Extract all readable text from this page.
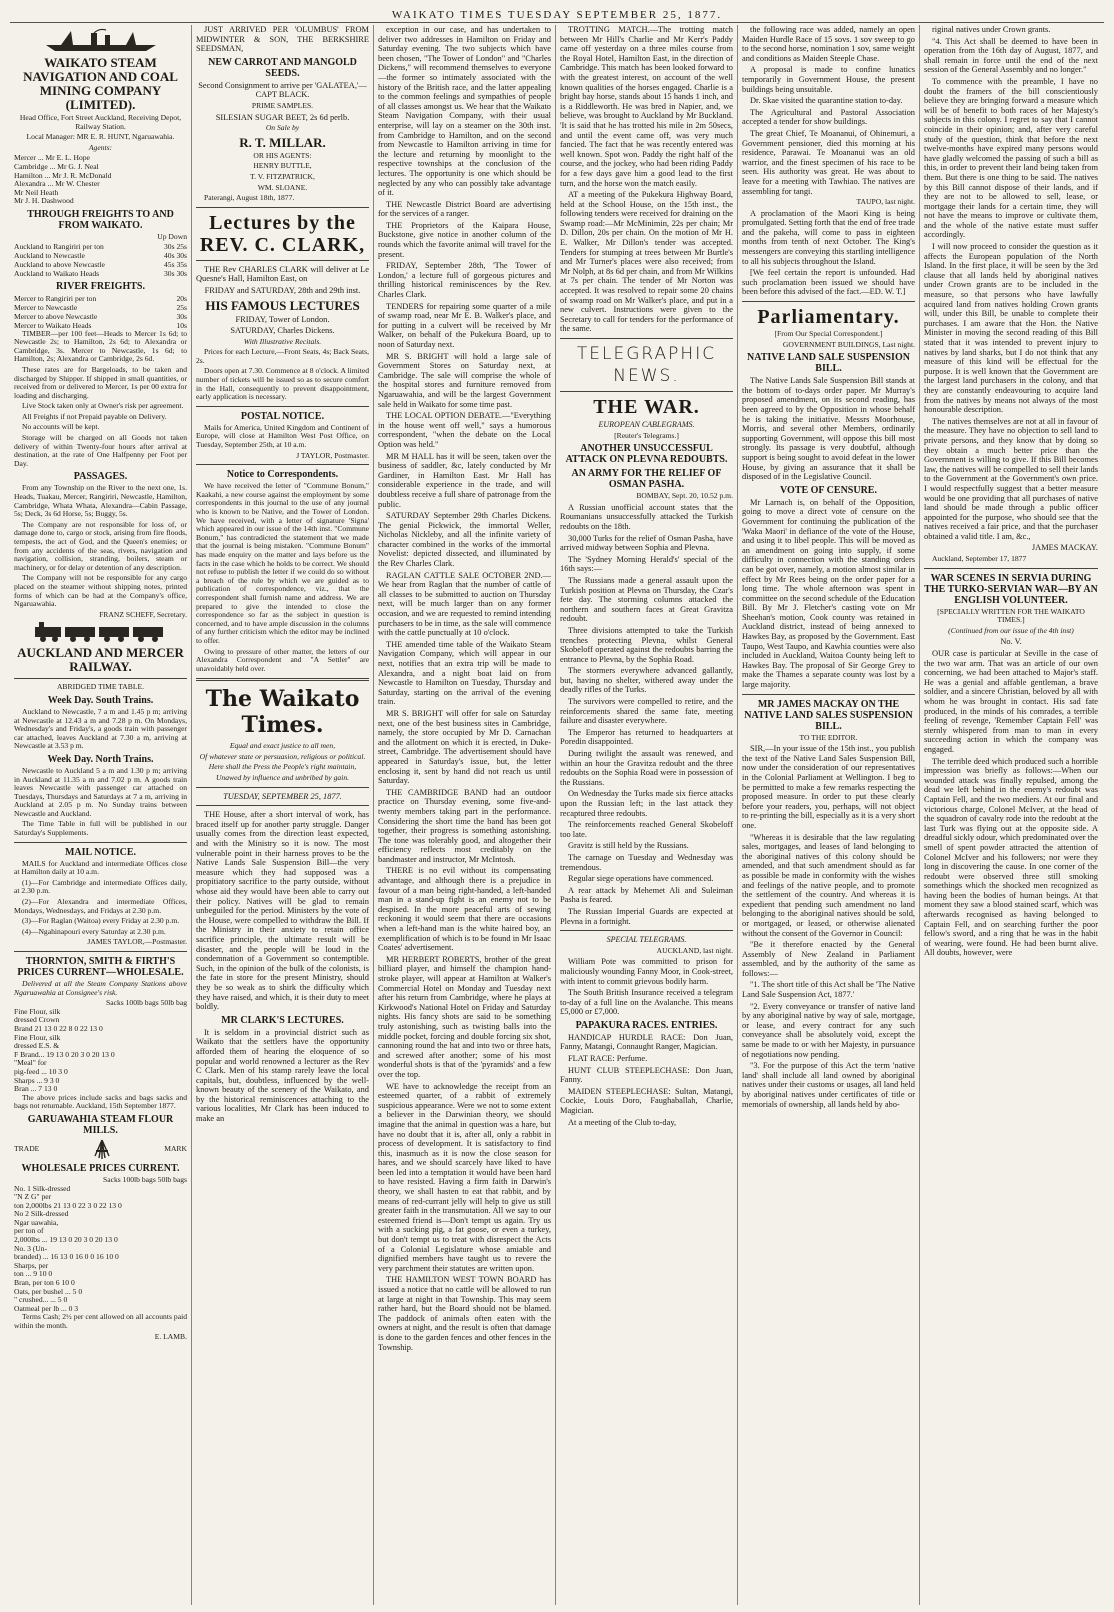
WAIKATO TIMES TUESDAY SEPTEMBER 25, 1877.
WAIKATO STEAM NAVIGATION AND COAL MINING COMPANY (LIMITED).

Head Office, Fort Street Auckland, Receiving Depot, Railway Station.

Local Manager: MR E. R. HUNT, Ngaruawahia.

Agents:

Mercer ... Mr E. L. Hope
Cambridge ... Mr G. J. Neal
Hamilton ... Mr J. R. McDonald
Alexandra ... Mr W. Chester
Mr Neil Heath
Mr J. H. Dashwood
THROUGH FREIGHTS TO AND FROM WAIKATO.
Up Down
Auckland to Rangiriri per ton	30s 25s
Auckland to Newcastle	40s 30s
Auckland to above Newcastle	45s 35s
Auckland to Waikato Heads	30s 30s
RIVER FREIGHTS.
Mercer to Rangiriri per ton	20s
Mercer to Newcastle	25s
Mercer to above Newcastle	30s
Mercer to Waikato Heads	10s

TIMBER—per 100 feet—Heads to Mercer 1s 6d; to Newcastle 2s; to Hamilton, 2s 6d; to Alexandra or Cambridge, 3s. Mercer to Newcastle, 1s 6d; to Hamilton, 2s; Alexandra or Cambridge, 2s 6d.

These rates are for Bargeloads, to be taken and discharged by Shipper. If shipped in small quantities, or received from or delivered to Mercer, 1s per 00 extra for loading and discharging.

Live Stock taken only at Owner's risk per agreement.

All Freights if not Prepaid payable on Delivery.

No accounts will be kept.

Storage will be charged on all Goods not taken delivery of within Twenty-four hours after arrival at destination, at the rate of One Halfpenny per Foot per Day.

PASSAGES.

From any Township on the River to the next one, 1s. Heads, Tuakau, Mercer, Rangiriri, Newcastle, Hamilton, Cambridge, Whata Whata, Alexandra—Cabin Passage, 5s; Deck, 3s 6d Horse, 5s; Buggy, 5s.

The Company are not responsible for loss of, or damage done to, cargo or stock, arising from fire floods, tempests, the act of God, and the Queen's enemies; or from any accidents of the seas, rivers, navigation and navigation, collision, stranding, boilers, steam or machinery, or for delay or detention of any description.

The Company will not be responsible for any cargo placed on the steamer without shipping notes, printed forms of which can be had at the Company's office, Ngaruawahia.

FRANZ SCHEFF, Secretary.

AUCKLAND AND MERCER RAILWAY.
ABRIDGED TIME TABLE.
Week Day. South Trains.

Auckland to Newcastle, 7 a m and 1.45 p m; arriving at Newcastle at 12.43 a m and 7.28 p m. On Mondays, Wednesday's and Friday's, a goods train with passenger car attached, leaves Auckland at 7.30 a m, arriving at Newcastle at 3.53 p m.

Week Day. North Trains.

Newcastle to Auckland 5 a m and 1.30 p m; arriving in Auckland at 11.35 a m and 7.02 p m. A goods train leaves Newcastle with passenger car attached on Tuesdays, Thursdays and Saturdays at 7 a m, arriving in Auckland at 2.05 p m. No Sunday trains between Newcastle and Auckland.

The Time Table in full will be published in our Saturday's Supplements.

MAIL NOTICE.

MAILS for Auckland and intermediate Offices close at Hamilton daily at 10 a.m.

(1)—For Cambridge and intermediate Offices daily, at 2.30 p.m.

(2)—For Alexandra and intermediate Offices, Mondays, Wednesdays, and Fridays at 2.30 p.m.

(3)—For Raglan (Waitoa) every Friday at 2.30 p.m.

(4)—Ngahinapouri every Saturday at 2.30 p.m.

JAMES TAYLOR,—Postmaster.

THORNTON, SMITH & FIRTH'S PRICES CURRENT—WHOLESALE.

Delivered at all the Steam Company Stations above Ngaruawahia at Consignee's risk.

Sacks 100lb bags 50lb bag
Fine Flour, silk
dressed Crown
Brand 21 13 0 22 8 0 22 13 0
Fine Flour, silk
dressed E.S. &
F Brand... 19 13 0 20 3 0 20 13 0
"Meal" for
pig-feed ... 10 3 0
Sharps ... 9 3 0
Bran ... 7 13 0

The above prices include sacks and bags sacks and bags not returnable. Auckland, 15th September 1877.

GARUAWAHIA STEAM FLOUR MILLS.
TRADE	MARK
WHOLESALE PRICES CURRENT.
Sacks 100lb bags 50lb bags
No. 1 Silk-dressed
"N Z G" per
ton 2,000lbs 21 13 0 22 3 0 22 13 0
No 2 Silk-dressed
Ngar uawahia,
per ton of
2,000lbs ... 19 13 0 20 3 0 20 13 0
No. 3 (Un-
branded) ... 16 13 0 16 0 0 16 10 0
Sharps, per
ton ... 9 10 0
Bran, per ton 6 10 0
Oats, per bushel ... 5 0
" crushed... ... 5 0
Oatmeal per lb ... 0 3

Terms Cash; 2½ per cent allowed on all accounts paid within the month.

E. LAMB.

JUST ARRIVED PER 'OLUMBUS' FROM MIDWINTER & SON, THE BERKSHIRE SEEDSMAN,

NEW CARROT AND MANGOLD SEEDS.

Second Consignment to arrive per 'GALATEA,'—CAPT BLACK.

PRIME SAMPLES.

SILESIAN SUGAR BEET, 2s 6d perlb.

On Sale by

R. T. MILLAR.

OR HIS AGENTS:

HENRY BUTTLE,

T. V. FITZPATRICK,

WM. SLOANE.

Paterangi, August 18th, 1877.

Lectures by the REV. C. CLARK,

THE Rev CHARLES CLARK will deliver at Le Quesne's Hall, Hamilton East, on

FRIDAY and SATURDAY, 28th and 29th inst.

HIS FAMOUS LECTURES

FRIDAY, Tower of London.

SATURDAY, Charles Dickens.

With Illustrative Recitals.

Prices for each Lecture,—Front Seats, 4s; Back Seats, 2s.

Doors open at 7.30. Commence at 8 o'clock. A limited number of tickets will be issued so as to secure comfort in the Hall, consequently to prevent disappointment, early application is necessary.

POSTAL NOTICE.

Mails for America, United Kingdom and Continent of Europe, will close at Hamilton West Post Office, on Tuesday, September 25th, at 10 a.m.

J TAYLOR, Postmaster.

Notice to Correspondents.

We have received the letter of "Commune Bonum," Kaakahi, a new course against the employment by some correspondents in this journal to the use of any journal who is known to be Native, and the Tower of London. We have received, with a letter of signature 'Signa' which appeared in our issue of the 14th inst. "Commune Bonum," has contradicted the statement that we made that the journal is being mistaken. "Commune Bonum" has made enquiry on the matter and lays before us the facts in the case which he holds to be correct. We should not refuse to publish the letter if we could do so without a breach of the rule by which we are guided as to publication of correspondence, viz., that the correspondent shall furnish name and address. We are prepared to give the intended to close the correspondence so far as the subject in question is concerned, and to have ample discussion in the columns of any further criticism which the editor may be inclined to offer.

Owing to pressure of other matter, the letters of our Alexandra Correspondent and "A Settler" are unavoidably held over.

The Waikato Times.

Equal and exact justice to all men,

Of whatever state or persuasion, religious or political.

Here shall the Press the People's right maintain,

Unawed by influence and unbribed by gain.

TUESDAY, SEPTEMBER 25, 1877.

THE House, after a short interval of work, has braced itself up for another party struggle. Danger usually comes from the direction least expected, and with the Ministry so it is now. The most vulnerable point in their harness proves to be the Native Lands Sale Suspension Bill—the very measure which they had supposed was a propitiatory sacrifice to the party outside, without whose aid they would have been able to carry out their policy. Natives will be glad to remain unbeguiled for the period. Ministers by the vote of the House, were compelled to withdraw the Bill. If the Ministry in their anxiety to retain office sacrifice principle, the ultimate result will be disaster, and the people will be loud in the condemnation of a Government so contemptible. Such, in the opinion of the bulk of the colonists, is the fate in store for the present Ministry, should they be so weak as to shirk the difficulty which they have raised, and which, it is their duty to meet boldly.

MR CLARK'S LECTURES.

It is seldom in a provincial district such as Waikato that the settlers have the opportunity afforded them of hearing the eloquence of so popular and world renowned a lecturer as the Rev C Clark. Men of his stamp rarely leave the local capitals, but, doubtless, influenced by the well-known beauty of the scenery of the Waikato, and by the historical reminiscences attaching to the various localities, Mr Clark has been induced to make an

exception in our case, and has undertaken to deliver two addresses in Hamilton on Friday and Saturday evening. The two subjects which have been chosen, "The Tower of London" and "Charles Dickens," will recommend themselves to everyone—the former so intimately associated with the history of the British race, and the latter appealing to the common feelings and sympathies of people of all classes amongst us. We hear that the Waikato Steam Navigation Company, with their usual enterprise, will lay on a steamer on the 30th inst. from Cambridge to Hamilton, and on the second from Newcastle to Hamilton arriving in time for the lecture and returning by moonlight to the respective townships at the conclusion of the lectures. The opportunity is one which should be neglected by any who can possibly take advantage of it.

THE Newcastle District Board are advertising for the services of a ranger.

THE Proprietors of the Kaipara House, Buckstone, give notice in another column of the rounds which the favorite animal will travel for the present.

FRIDAY, September 28th, 'The Tower of London,' a lecture full of gorgeous pictures and thrilling historical reminiscences by the Rev. Charles Clark.

TENDERS for repairing some quarter of a mile of swamp road, near Mr E. B. Walker's place, and for putting in a culvert will be received by Mr Walker, on behalf of the Pukekura Board, up to noon of Saturday next.

MR S. BRIGHT will hold a large sale of Government Stores on Saturday next, at Cambridge. The sale will comprise the whole of the hospital stores and furniture removed from Ngaruawahia, and will be the largest Government sale held in Waikato for some time past.

THE LOCAL OPTION DEBATE.—"Everything in the house went off well," says a humorous correspondent, "when the debate on the Local Option was held."

MR M HALL has it will be seen, taken over the business of saddler, &c, lately conducted by Mr Gardiner, in Hamilton East. Mr Hall has considerable experience in the trade, and will doubtless receive a full share of patronage from the public.

SATURDAY September 29th Charles Dickens. The genial Pickwick, the immortal Weller, Nicholas Nickleby, and all the infinite variety of character combined in the works of the immortal Novelist: depicted dissected, and illuminated by the Rev Charles Clark.

RAGLAN CATTLE SALE OCTOBER 2ND.—We hear from Raglan that the number of cattle of all classes to be submitted to auction on Thursday next, will be much larger than on any former occasion, and we are requested to remind intending purchasers to be in time, as the sale will commence with the cattle punctually at 10 o'clock.

THE amended time table of the Waikato Steam Navigation Company, which will appear in our next, notifies that an extra trip will be made to Alexandra, and a night boat laid on from Newcastle to Hamilton on Tuesday, Thursday and Saturday, starting on the arrival of the evening train.

MR S. BRIGHT will offer for sale on Saturday next, one of the best business sites in Cambridge, namely, the store occupied by Mr D. Carnachan and the allotment on which it is erected, in Duke-street, Cambridge. The advertisement should have appeared in Saturday's issue, but, the letter enclosing it, sent by hand did not reach us until Saturday.

THE CAMBRIDGE BAND had an outdoor practice on Thursday evening, some five-and-twenty members taking part in the performance. Considering the short time the band has been got together, their progress is something astonishing. The tone was tolerably good, and altogether their efficiency reflects most creditably on the bandmaster and instructor, Mr McIntosh.

THERE is no evil without its compensating advantage, and although there is a prejudice in favour of a man being right-handed, a left-handed man in a stand-up fight is an enemy not to be despised. In the more peaceful arts of sewing reckoning it would seem that there are occasions when a left-hand man is the white haired boy, an exemplification of which is to be found in Mr Isaac Coates' advertisement.

MR HERBERT ROBERTS, brother of the great billiard player, and himself the champion hand-stroke player, will appear at Hamilton at Walker's Commercial Hotel on Monday and Tuesday next after his return from Cambridge, where he plays at Kirkwood's National Hotel on Friday and Saturday nights. His fancy shots are said to be something truly astonishing, such as twisting balls into the middle pocket, forcing and double forcing six shot, cannoning round the hat and into two or three hats, and screwed after another; some of his most wonderful shots is that of the 'pyramids' and a few over the top.

WE have to acknowledge the receipt from an esteemed quarter, of a rabbit of extremely suspicious appearance. Were we not to some extent a believer in the Darwinian theory, we should imagine that the animal in question was a hare, but have no doubt that it is, after all, only a rabbit in process of development. It is satisfactory to find this, inasmuch as it is now the close season for hares, and we should scarcely have liked to have been led into a temptation it would have been hard to have resisted. Having a firm faith in Darwin's theory, we shall hasten to eat that rabbit, and by means of red-currant jelly will help to give us still greater faith in the transmutation. All we say to our esteemed friend is—Don't tempt us again. Try us with a sucking pig, a fat goose, or even a turkey, but don't tempt us to treat with disrespect the Acts of a Colonial Legislature whose amiable and dignified members have taught us to revere the very parchment their statutes are written upon.

THE HAMILTON WEST TOWN BOARD has issued a notice that no cattle will be allowed to run at large at night in that Township. This may seem rather hard, but the Board should not be blamed. The paddock of animals often eaten with the owners at night, and the result is often that damage is done to the garden fences and other fences in the Township.

TROTTING MATCH.—The trotting match between Mr Hill's Charlie and Mr Kerr's Paddy came off yesterday on a three miles course from the Royal Hotel, Hamilton East, in the direction of Cambridge. This match has been looked forward to with the greatest interest, on account of the well known qualities of the horses engaged. Charlie is a bright bay horse, stands about 15 hands 1 inch, and is a Riddleworth. He was bred in Napier, and, we believe, was brought to Auckland by Mr Buckland. 'It is said that he has trotted his mile in 2m 50secs, and until the event came off, was very much fancied. The fact that he was recently entered was well known. Spot won. Paddy the right half of the course, and the jockey, who had been riding Paddy for a few days gave him a good lead to the first turn, and the horse won the match easily.

AT a meeting of the Pukekura Highway Board, held at the School House, on the 15th inst., the following tenders were received for draining on the Swamp road:—Mr McMinimin, 22s per chain; Mr D. Dillon, 20s per chain. On the motion of Mr H. E. Walker, Mr Dillon's tender was accepted. Tenders for stumping at trees between Mr Burtle's and Mr Turner's places were also received; from Mr Nolph, at 8s 6d per chain, and from Mr Wilkins at 7s per chain. The tender of Mr Norton was accepted. It was resolved to repair some 20 chains of swamp road on Mr Walker's place, and put in a new culvert. Instructions were given to the Secretary to call for tenders for the performance of the same.

TELEGRAPHIC NEWS.
THE WAR.

EUROPEAN CABLEGRAMS.

[Reuter's Telegrams.]

ANOTHER UNSUCCESSFUL ATTACK ON PLEVNA REDOUBTS.
AN ARMY FOR THE RELIEF OF OSMAN PASHA.

BOMBAY, Sept. 20, 10.52 p.m.

A Russian unofficial account states that the Roumanians unsuccessfully attacked the Turkish redoubts on the 18th.

30,000 Turks for the relief of Osman Pasha, have arrived midway between Sophia and Plevna.

The 'Sydney Morning Herald's' special of the 16th says:—

The Russians made a general assault upon the Turkish position at Plevna on Thursday, the Czar's fete day. The storming columns attacked the northern and southern faces at Great Gravitza redoubt.

Three divisions attempted to take the Turkish trenches protecting Plevna, whilst General Skobeloff operated against the redoubts barring the entrance to Plevna, by the Sophia Road.

The stormers everywhere advanced gallantly, but, having no shelter, withered away under the deadly rifles of the Turks.

The survivors were compelled to retire, and the reinforcements shared the same fate, meeting failure and disaster everywhere.

The Emperor has returned to headquarters at Poredin disappointed.

During twilight the assault was renewed, and within an hour the Gravitza redoubt and the three redoubts on the Sophia Road were in possession of the Russians.

On Wednesday the Turks made six fierce attacks upon the Russian left; in the last attack they recaptured three redoubts.

The reinforcements reached General Skobeloff too late.

Gravitz is still held by the Russians.

The carnage on Tuesday and Wednesday was tremendous.

Regular siege operations have commenced.

A rear attack by Mehemet Ali and Suleiman Pasha is feared.

The Russian Imperial Guards are expected at Plevna in a fortnight.

SPECIAL TELEGRAMS.

AUCKLAND, last night.

William Pote was committed to prison for maliciously wounding Fanny Moor, in Cook-street, with intent to commit grievous bodily harm.

The South British Insurance received a telegram to-day of a full line on the Avalanche. This means £5,000 or £7,000.

PAPAKURA RACES. ENTRIES.

HANDICAP HURDLE RACE: Don Juan, Fanny, Matangi, Connaught Ranger, Magician.

FLAT RACE: Perfume.

HUNT CLUB STEEPLECHASE: Don Juan, Fanny.

MAIDEN STEEPLECHASE: Sultan, Matangi, Cockie, Louis Doro, Faughaballah, Charlie, Magician.

At a meeting of the Club to-day,

the following race was added, namely an open Maiden Hurdle Race of 15 sovs. 1 sov sweep to go to the second horse, nomination 1 sov, same weight and conditions as Maiden Steeple Chase.

A proposal is made to confine lunatics temporarily in Government House, the present buildings being unsuitable.

Dr. Skae visited the quarantine station to-day.

The Agricultural and Pastoral Association accepted a tender for show buildings.

The great Chief, Te Moananui, of Ohinemuri, a Government pensioner, died this morning at his residence, Parawai. Te Moananui was an old warrior, and the finest specimen of his race to be seen. His authority was great. He was about to leave for a meeting with Tawhiao. The natives are assembling for tangi.

TAUPO, last night.

A proclamation of the Maori King is being promulgated. Setting forth that the end of free trade and the pakeha, will come to pass in eighteen months from tenth of next October. The King's messengers are conveying this startling intelligence to all his subjects throughout the Island.

[We feel certain the report is unfounded. Had such proclamation been issued we should have been before this advised of the fact.—ED. W. T.]

Parliamentary.

[From Our Special Correspondent.]

GOVERNMENT BUILDINGS, Last night.

NATIVE LAND SALE SUSPENSION BILL.

The Native Lands Sale Suspension Bill stands at the bottom of to-days order paper. Mr Murray's proposed amendment, on its second reading, has been agreed to by the Opposition in whose behalf he is taking the initiative. Messrs Moorhouse, Morris, and several other Members, ordinarily supporting Government, will oppose this bill most strongly. Its passage is very doubtful, although support is being sought to avoid defeat in the lower House, by giving an assurance that it shall be disposed of in the Legislative Council.

VOTE OF CENSURE.

Mr Larnach is, on behalf of the Opposition, going to move a direct vote of censure on the Government for continuing the publication of the 'Waka Maori' in defiance of the vote of the House, and using it to libel people. This will be moved as an amendment on going into supply, if some difficulty in connection with the standing orders can be got over, namely, a motion almost similar in effect by Mr Rees being on the order paper for a long time. The whole afternoon was spent in committee on the second schedule of the Education Bill. By Mr J. Fletcher's casting vote on Mr Sheehan's motion, Cook county was retained in Auckland district, instead of being annexed to Hawkes Bay, as proposed by the Government. East Taupo, West Taupo, and Kawhia counties were also included in Auckland, Waitoa County being left to Hawkes Bay. The proposal of Sir George Grey to make the Thames a separate county was lost by a large majority.

MR JAMES MACKAY ON THE NATIVE LAND SALES SUSPENSION BILL.

TO THE EDITOR.

SIR,—In your issue of the 15th inst., you publish the text of the Native Land Sales Suspension Bill, now under the consideration of our representatives in the Colonial Parliament at Wellington. I beg to be permitted to make a few remarks respecting the proposed measure. In order to put these clearly before your readers, you, perhaps, will not object to re-printing the bill, especially as it is a very short one.

"Whereas it is desirable that the law regulating sales, mortgages, and leases of land belonging to the aboriginal natives of this colony should be amended, and that such amendment should as far as possible be made in conformity with the wishes and feelings of the native people, and to promote the settlement of the country. And whereas it is expedient that pending such amendment no land belonging to the aboriginal natives should be sold, or mortgaged, or leased, or otherwise alienated without the consent of the Governor in Council:

"Be it therefore enacted by the General Assembly of New Zealand in Parliament assembled, and by the authority of the same as follows:—

"1. The short title of this Act shall be 'The Native Land Sale Suspension Act, 1877.'

"2. Every conveyance or transfer of native land by any aboriginal native by way of sale, mortgage, or lease, and every contract for any such conveyance shall be absolutely void, except the same be made to or with her Majesty, in pursuance of negotiations now pending.

"3. For the purpose of this Act the term 'native land' shall include all land owned by aboriginal natives under their customs or usages, all land held by aboriginal natives under certificates of title or memorials of ownership, all lands held by abo-

riginal natives under Crown grants.

"4. This Act shall be deemed to have been in operation from the 16th day of August, 1877, and shall remain in force until the end of the next session of the General Assembly and no longer."

To commence with the preamble, I have no doubt the framers of the bill conscientiously believe they are bringing forward a measure which will be of benefit to both races of her Majesty's subjects in this colony. I regret to say that I cannot coincide in their opinion; and, after very careful study of the question, think that before the next twelve-months have expired many persons would have gladly welcomed the passing of such a bill as this, in order to prevent their land being taken from them. But there is one thing to be said. The natives by this Bill cannot dispose of their lands, and if they are not to be allowed to sell, lease, or mortgage their lands for a certain time, they will not have the means to improve or cultivate them, and the whole of the native estate must suffer accordingly.

I will now proceed to consider the question as it affects the European population of the North Island. In the first place, it will be seen by the 3rd clause that all lands held by aboriginal natives under Crown grants are to be included in the measure, so that persons who have lawfully acquired land from natives holding Crown grants will, under this Bill, be unable to complete their purchases. I am aware that the Hon. the Native Minister in moving the second reading of this Bill stated that it was intended to prevent injury to natives by land sharks, but I do not think that any measure of this kind will be effectual for the purpose. It is well known that the Government are the largest land purchasers in the colony, and that they are constantly endeavouring to acquire land from the natives by means not always of the most honourable description.

The natives themselves are not at all in favour of the measure. They have no objection to sell land to private persons, and they know that by doing so they obtain a much better price than the Government is willing to give. If this Bill becomes law, the natives will be compelled to sell their lands to the Government at the Government's own price. I would respectfully suggest that a better measure would be one providing that all purchases of native land should be made through a public officer appointed for the purpose, who should see that the natives received a fair price, and that the purchaser obtained a valid title. I am, &c.,

JAMES MACKAY.

Auckland, September 17, 1877

WAR SCENES IN SERVIA DURING THE TURKO-SERVIAN WAR—BY AN ENGLISH VOLUNTEER.

[SPECIALLY WRITTEN FOR THE WAIKATO TIMES.]

(Continued from our issue of the 4th inst)

No. V.

OUR case is particular at Seville in the case of the two war arm. That was an article of our own concerning, we had been attached to Major's staff. He was a genial and affable gentleman, a brave soldier, and a sincere Christian, beloved by all with whom he was brought in contact. His sad fate produced, in the minds of his comrades, a terrible feeling of revenge, 'Remember Captain Fell' was sternly whispered from man to man in every succeeding action in which the company was engaged.

The terrible deed which produced such a horrible impression was briefly as follows:—When our wounded attack was finally repulsed, among the dead we left behind in the enemy's redoubt was Captain Fell, and the two mediers. At our final and victorious charge, Colonel McIver, at the head of the squadron of cavalry rode into the redoubt at the last Turk was flying out at the opposite side. A dreadful sickly odour, which predominated over the smell of spent powder attracted the attention of Colonel McIver and his followers; nor were they long in discovering the cause. In one corner of the redoubt were observed three still smoking somethings which the shocked men recognized as having been the bodies of human beings. At that moment they saw a blood stained scarf, which was afterwards recognised as having belonged to Captain Fell, and on searching further the poor fellow's sword, and a ring that he was in the habit of wearing, were found. He had been burnt alive. All doubts, however, were
